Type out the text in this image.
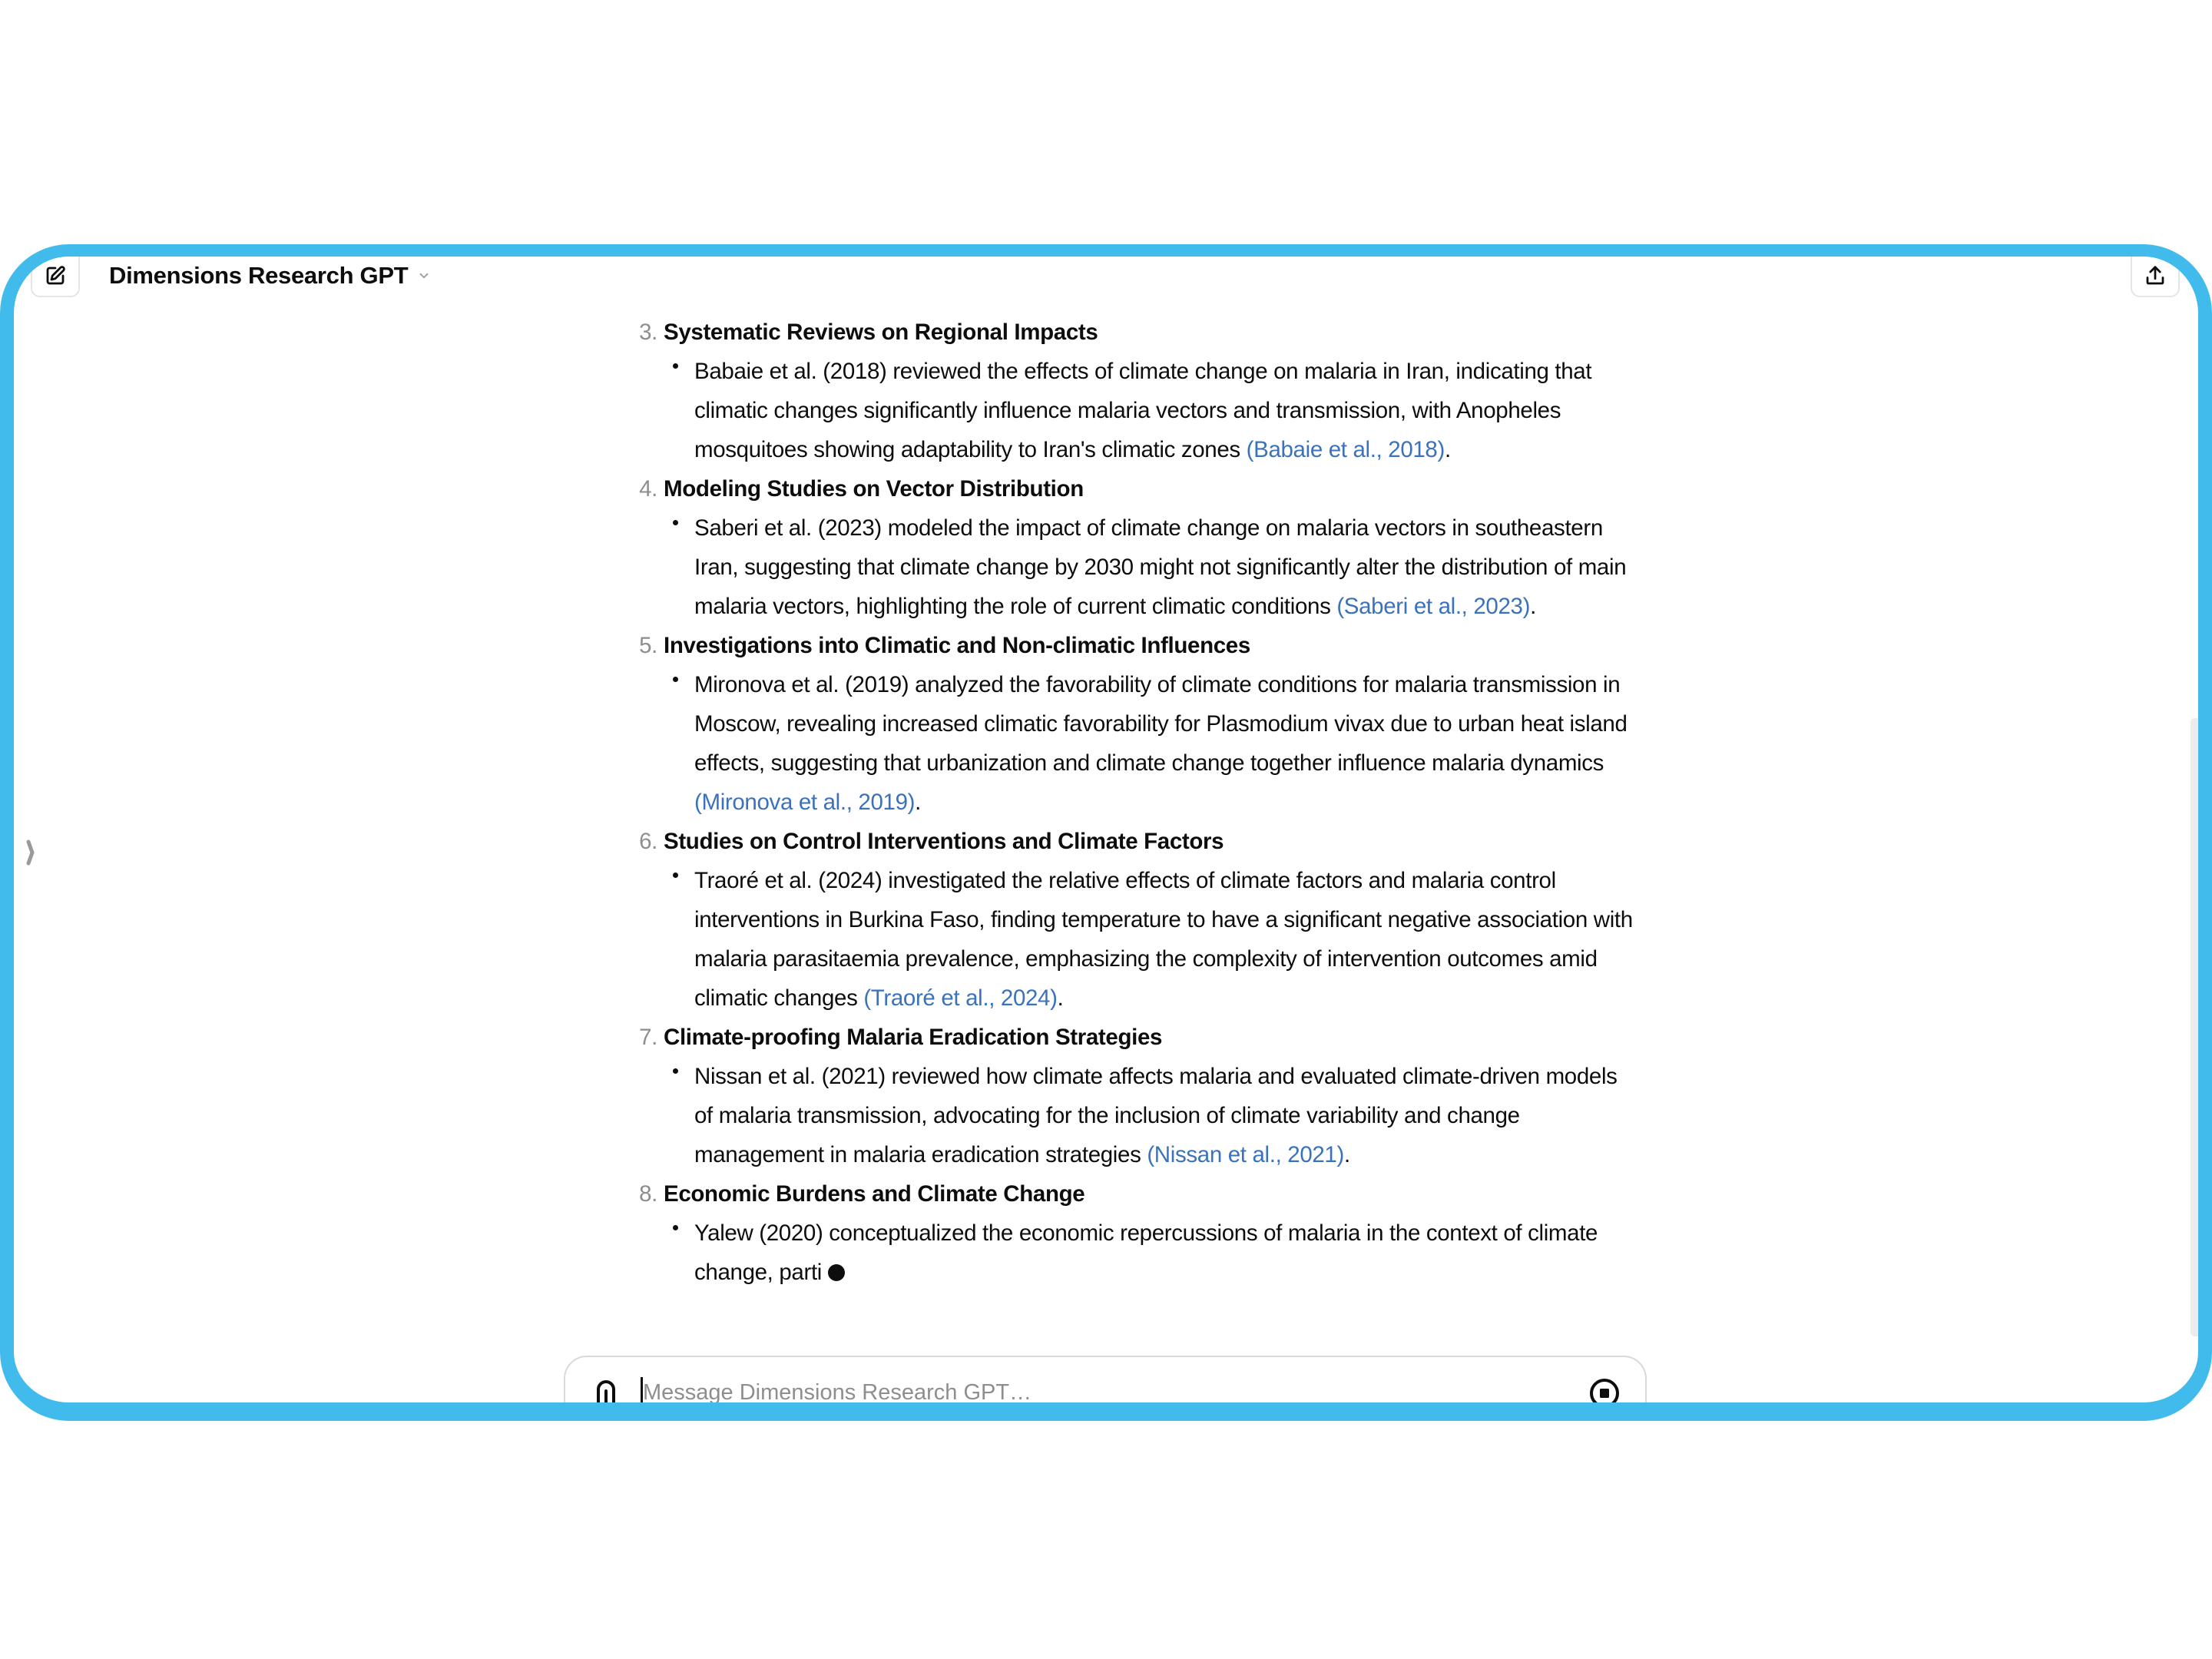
Dimensions Research GPT
3. Systematic Reviews on Regional Impacts
Babaie et al. (2018) reviewed the effects of climate change on malaria in Iran, indicating that climatic changes significantly influence malaria vectors and transmission, with Anopheles mosquitoes showing adaptability to Iran's climatic zones (Babaie et al., 2018).
4. Modeling Studies on Vector Distribution
Saberi et al. (2023) modeled the impact of climate change on malaria vectors in southeastern Iran, suggesting that climate change by 2030 might not significantly alter the distribution of main malaria vectors, highlighting the role of current climatic conditions (Saberi et al., 2023).
5. Investigations into Climatic and Non-climatic Influences
Mironova et al. (2019) analyzed the favorability of climate conditions for malaria transmission in Moscow, revealing increased climatic favorability for Plasmodium vivax due to urban heat island effects, suggesting that urbanization and climate change together influence malaria dynamics (Mironova et al., 2019).
6. Studies on Control Interventions and Climate Factors
Traoré et al. (2024) investigated the relative effects of climate factors and malaria control interventions in Burkina Faso, finding temperature to have a significant negative association with malaria parasitaemia prevalence, emphasizing the complexity of intervention outcomes amid climatic changes (Traoré et al., 2024).
7. Climate-proofing Malaria Eradication Strategies
Nissan et al. (2021) reviewed how climate affects malaria and evaluated climate-driven models of malaria transmission, advocating for the inclusion of climate variability and change management in malaria eradication strategies (Nissan et al., 2021).
8. Economic Burdens and Climate Change
Yalew (2020) conceptualized the economic repercussions of malaria in the context of climate change, parti
Message Dimensions Research GPT…
